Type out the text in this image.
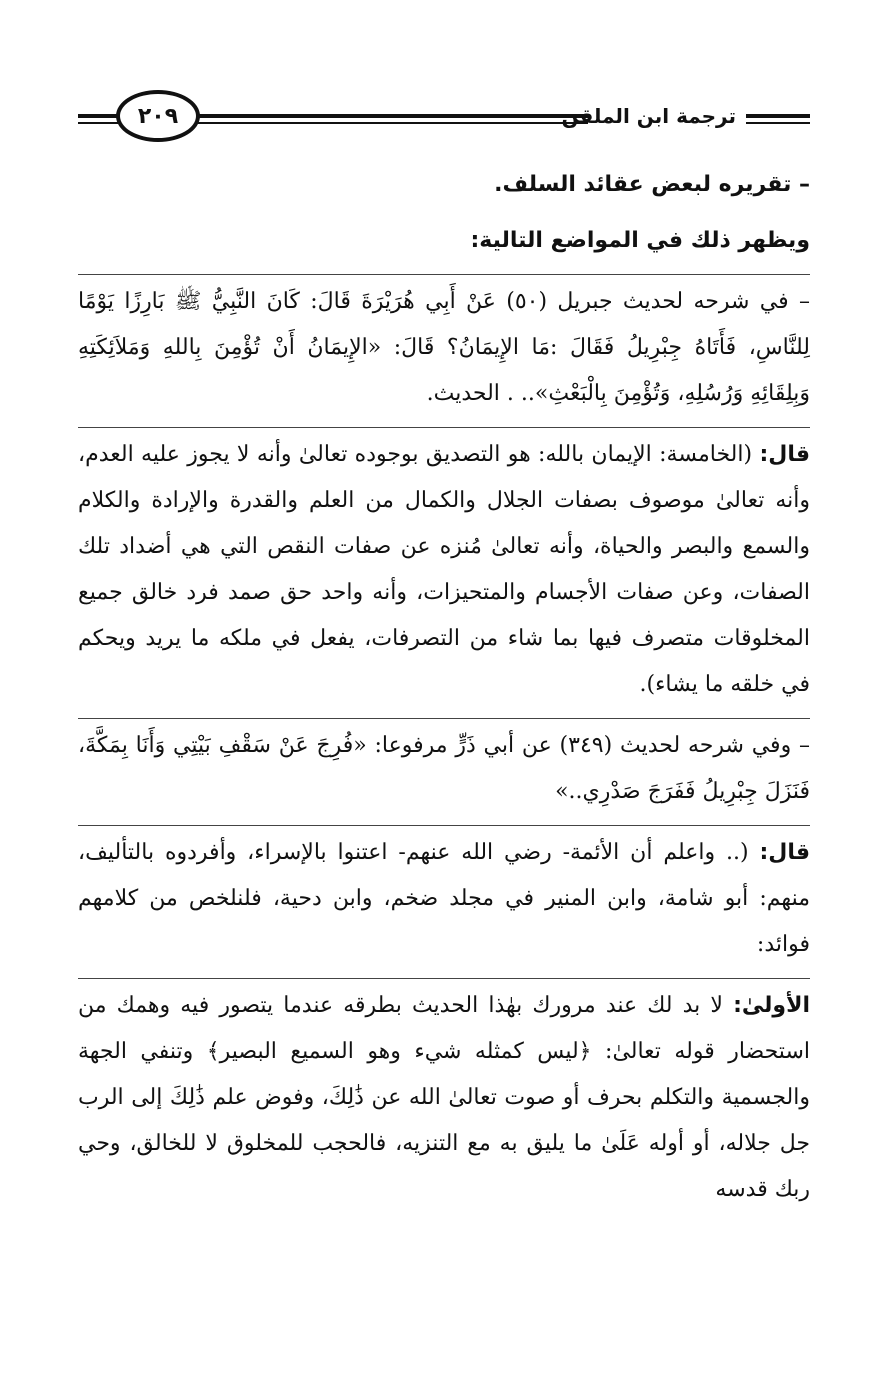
ترجمة ابن الملقن
٢٠٩

– تقريره لبعض عقائد السلف.

ويظهر ذلك في المواضع التالية:

– في شرحه لحديث جبريل (٥٠) عَنْ أَبِي هُرَيْرَةَ قَالَ: كَانَ النَّبِيُّ ﷺ بَارِزًا يَوْمًا لِلنَّاسِ، فَأَتَاهُ جِبْرِيلُ فَقَالَ :مَا الإِيمَانُ؟ قَالَ: «الإِيمَانُ أَنْ تُؤْمِنَ بِاللهِ وَمَلاَئِكَتِهِ وَبِلِقَائِهِ وَرُسُلِهِ، وَتُؤْمِنَ بِالْبَعْثِ».. . الحديث.

قال: (الخامسة: الإيمان بالله: هو التصديق بوجوده تعالىٰ وأنه لا يجوز عليه العدم، وأنه تعالىٰ موصوف بصفات الجلال والكمال من العلم والقدرة والإرادة والكلام والسمع والبصر والحياة، وأنه تعالىٰ مُنزه عن صفات النقص التي هي أضداد تلك الصفات، وعن صفات الأجسام والمتحيزات، وأنه واحد حق صمد فرد خالق جميع المخلوقات متصرف فيها بما شاء من التصرفات، يفعل في ملكه ما يريد ويحكم في خلقه ما يشاء).

– وفي شرحه لحديث (٣٤٩) عن أبي ذَرٍّ مرفوعا: «فُرِجَ عَنْ سَقْفِ بَيْتِي وَأَنَا بِمَكَّةَ، فَنَزَلَ جِبْرِيلُ فَفَرَجَ صَدْرِي..»

قال: (.. واعلم أن الأئمة- رضي الله عنهم- اعتنوا بالإسراء، وأفردوه بالتأليف، منهم: أبو شامة، وابن المنير في مجلد ضخم، وابن دحية، فلنلخص من كلامهم فوائد:

الأولىٰ: لا بد لك عند مرورك بهٰذا الحديث بطرقه عندما يتصور فيه وهمك من استحضار قوله تعالىٰ: ﴿ليس كمثله شيء وهو السميع البصير﴾ وتنفي الجهة والجسمية والتكلم بحرف أو صوت تعالىٰ الله عن ذَٰلِكَ، وفوض علم ذَٰلِكَ إلى الرب جل جلاله، أو أوله عَلَىٰ ما يليق به مع التنزيه، فالحجب للمخلوق لا للخالق، وحي ربك قدسه
